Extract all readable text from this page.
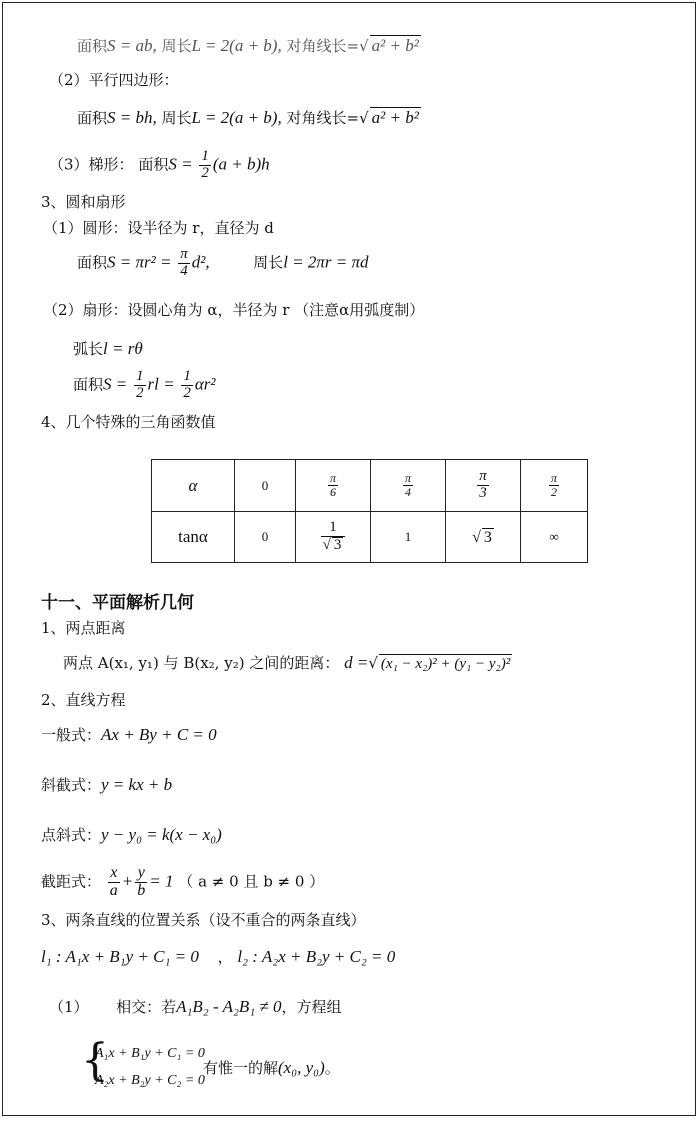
面积S = ab, 周长L = 2(a + b), 对角线长=√ a² + b²
（2）平行四边形：
面积S = bh, 周长L = 2(a + b), 对角线长=√ a² + b²
（3）梯形： 面积$S = \frac{1}{2} (a + b)h$
3、圆和扇形
（1）圆形：设半径为 r，直径为 d
面积$S = \pi r^2 = \frac{\pi}{4} d^2$,	周长l = 2πr = πd
（2）扇形：设圆心角为 α，半径为 r （注意α用弧度制）
弧长l = rθ
面积$S = \frac{1}{2}$ rl = $\frac{1}{2} \alpha r^2$
4、几个特殊的三角函数值
α	0	$\frac{\pi}{6}$	$\frac{\pi}{4}$	$\frac{\pi}{3}$	$\frac{\pi}{2}$

tanα	0	$\frac{1}{√ 3}$	1	√ 3	∞
十一、平面解析几何
1、两点距离
两点 A(x₁, y₁) 与 B(x₂, y₂) 之间的距离： d =√ (x₁ − x₂)² + (y₁ − y₂)²
2、直线方程
一般式：Ax + By + C = 0
斜截式：y = kx + b
点斜式：y − y₀ = k(x − x₀)
截距式： $\frac{x}{a} + \frac{y}{b} = 1$ （ a ≠ 0 且 b ≠ 0 ）
3、两条直线的位置关系（设不重合的两条直线）
l₁ : A₁x + B₁y + C₁ = 0 ， l₂ : A₂x + B₂y + C₂ = 0
（1） 相交：若A₁B₂ - A₂B₁ ≠ 0，方程组
{
A₁x + B₁y + C₁ = 0
A₂x + B₂y + C₂ = 0
有惟一的解(x₀, y₀)。
